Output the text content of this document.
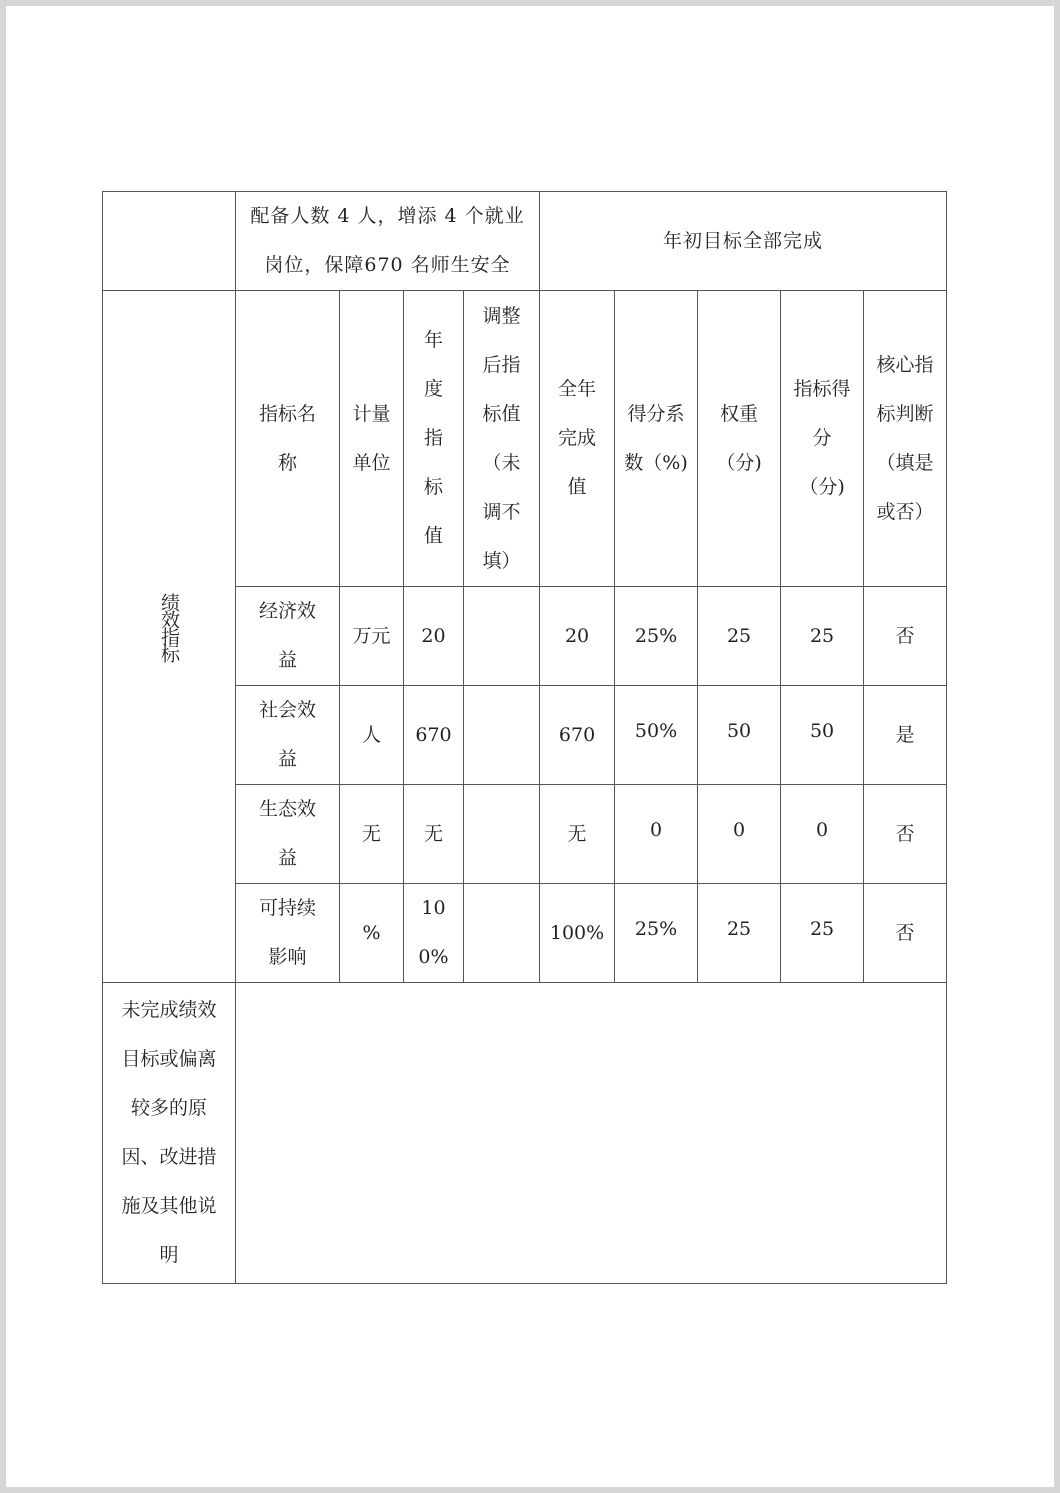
	配备人数 4 人，增添 4 个就业岗位，保障670 名师生安全				年初目标全部完成				
绩效指标	指标名称	计量单位	年度指标值	调整后指标值（未调不填）	全年完成值	得分系数（%)	权重（分)	指标得分（分)	核心指标判断（填是或否）

	经济效益	万元	20		20	25%	25	25	否

	社会效益	人	670		670	50%	50	50	是

	生态效益	无	无		无	0	0	0	否

	可持续影响	%	100%		100%	25%	25	25	否

未完成绩效目标或偏离较多的原因、改进措施及其他说明									
